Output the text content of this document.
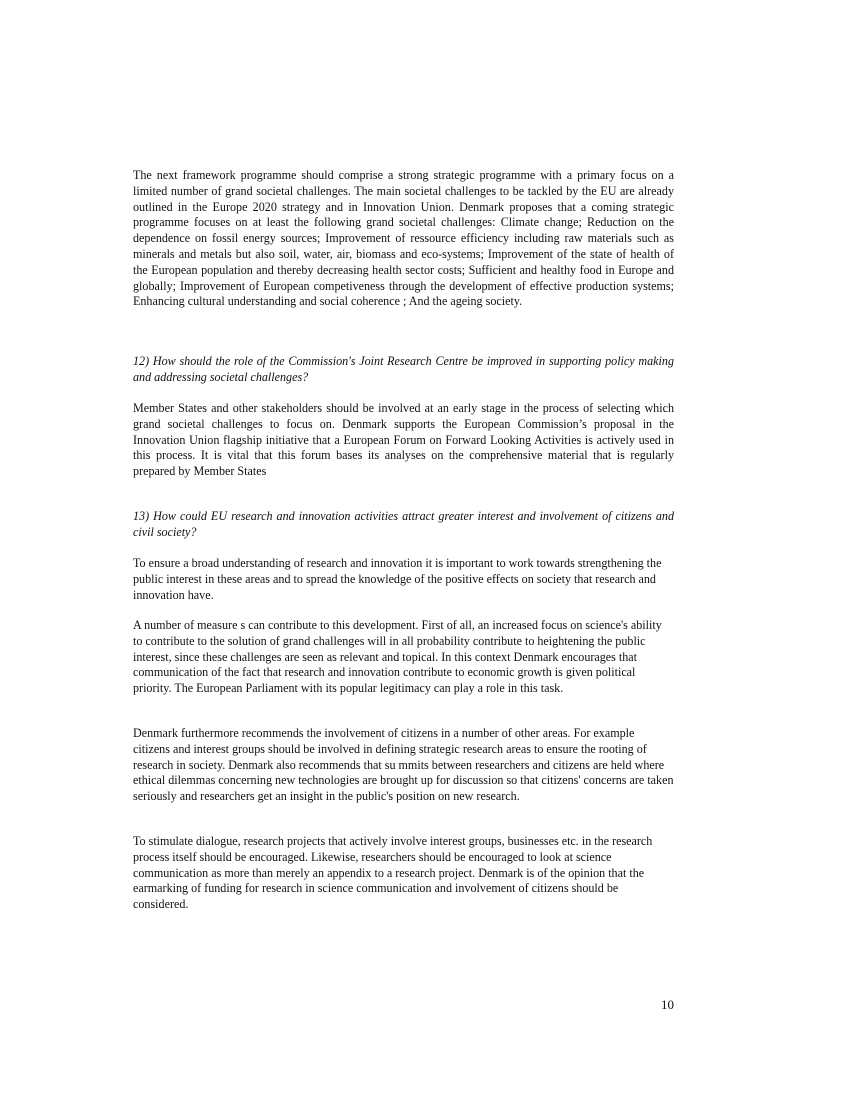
The next framework programme should comprise a strong strategic programme with a primary focus on a limited number of grand societal challenges. The main societal challenges to be tackled by the EU are already outlined in the Europe 2020 strategy and in Innovation Union. Denmark proposes that a coming strategic programme focuses on at least the following grand societal challenges: Climate change; Reduction on the dependence on fossil energy sources; Improvement of ressource efficiency including raw materials such as minerals and metals but also soil, water, air, biomass and eco-systems; Improvement of the state of health of the European population and thereby decreasing health sector costs; Sufficient and healthy food in Europe and globally; Improvement of European competiveness through the development of effective production systems; Enhancing cultural understanding and social coherence ; And the ageing society.

12) How should the role of the Commission's Joint Research Centre be improved in supporting policy making and addressing societal challenges?

Member States and other stakeholders should be involved at an early stage in the process of selecting which grand societal challenges to focus on. Denmark supports the European Commission’s proposal in the Innovation Union flagship initiative that a European Forum on Forward Looking Activities is actively used in this process. It is vital that this forum bases its analyses on the comprehensive material that is regularly prepared by Member States

13) How could EU research and innovation activities attract greater interest and involvement of citizens and civil society?

To ensure a broad understanding of research and innovation it is important to work towards strengthening the public interest in these areas and to spread the knowledge of the positive effects on society that research and innovation have.

A number of measure s can contribute to this development. First of all, an increased focus on science's ability to contribute to the solution of grand challenges will in all probability contribute to heightening the public interest, since these challenges are seen as relevant and topical. In this context Denmark encourages that communication of the fact that research and innovation contribute to economic growth is given political priority. The European Parliament with its popular legitimacy can play a role in this task.

Denmark furthermore recommends the involvement of citizens in a number of other areas. For example citizens and interest groups should be involved in defining strategic research areas to ensure the rooting of research in society. Denmark also recommends that su mmits between researchers and citizens are held where ethical dilemmas concerning new technologies are brought up for discussion so that citizens' concerns are taken seriously and researchers get an insight in the public's position on new research.

To stimulate dialogue, research projects that actively involve interest groups, businesses etc. in the research process itself should be encouraged. Likewise, researchers should be encouraged to look at science communication as more than merely an appendix to a research project. Denmark is of the opinion that the earmarking of funding for research in science communication and involvement of citizens should be considered.

10
